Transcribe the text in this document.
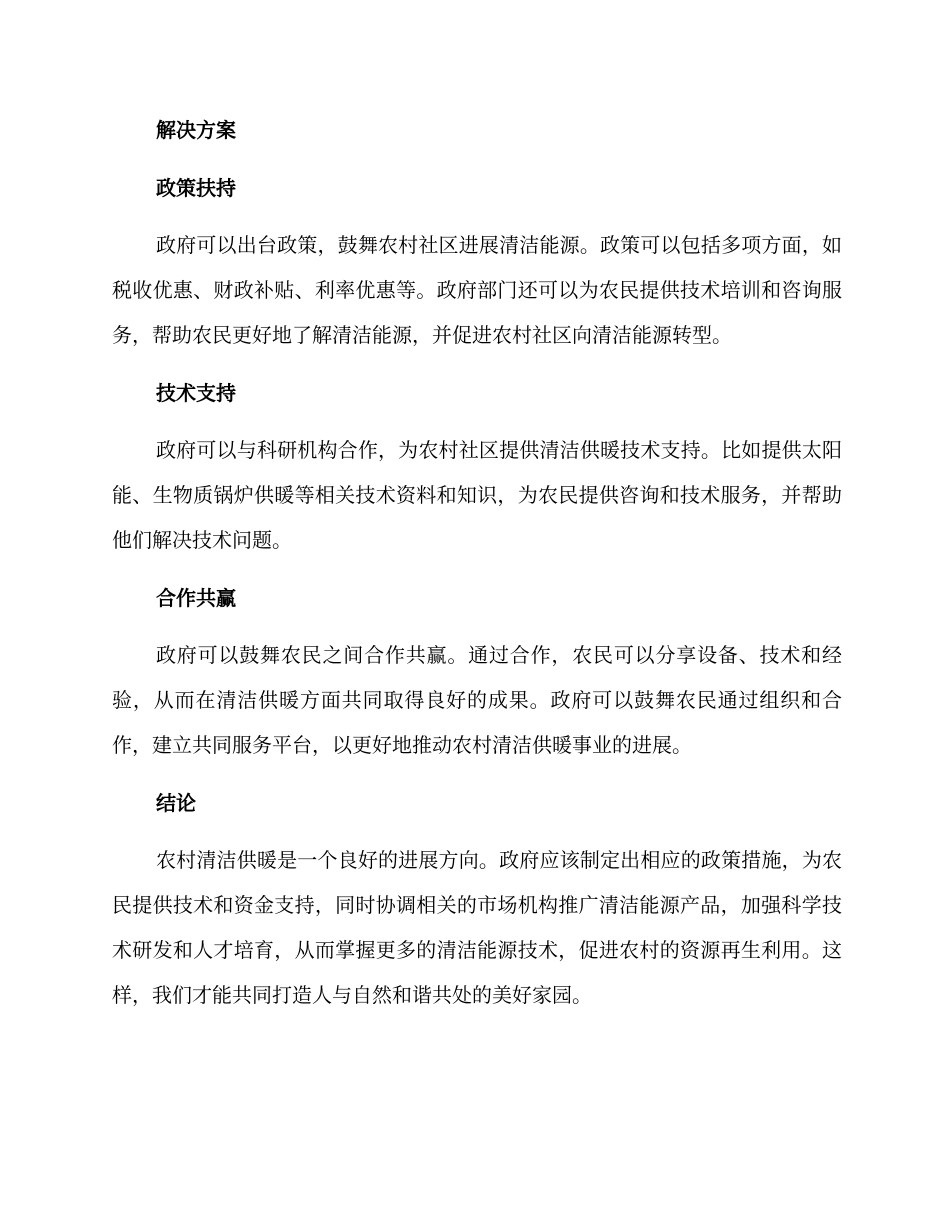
解决方案
政策扶持

政府可以出台政策，鼓舞农村社区进展清洁能源。政策可以包括多项方面，如税收优惠、财政补贴、利率优惠等。政府部门还可以为农民提供技术培训和咨询服务，帮助农民更好地了解清洁能源，并促进农村社区向清洁能源转型。

技术支持

政府可以与科研机构合作，为农村社区提供清洁供暖技术支持。比如提供太阳能、生物质锅炉供暖等相关技术资料和知识，为农民提供咨询和技术服务，并帮助他们解决技术问题。

合作共赢

政府可以鼓舞农民之间合作共赢。通过合作，农民可以分享设备、技术和经验，从而在清洁供暖方面共同取得良好的成果。政府可以鼓舞农民通过组织和合作，建立共同服务平台，以更好地推动农村清洁供暖事业的进展。

结论

农村清洁供暖是一个良好的进展方向。政府应该制定出相应的政策措施，为农民提供技术和资金支持，同时协调相关的市场机构推广清洁能源产品，加强科学技术研发和人才培育，从而掌握更多的清洁能源技术，促进农村的资源再生利用。这样，我们才能共同打造人与自然和谐共处的美好家园。
